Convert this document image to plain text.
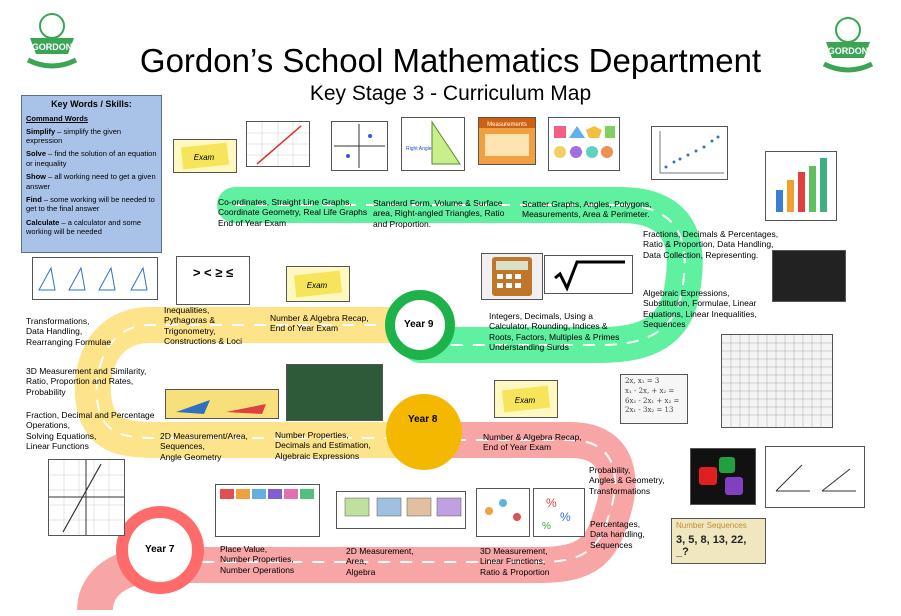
GORDON	GORDON
Gordon’s School Mathematics Department
Key Stage 3 - Curriculum Map
Key Words / Skills:
Command Words

Simplify – simplify the given expression

Solve – find the solution of an equation or inequality

Show – all working need to get a given answer

Find – some working will be needed to get to the final answer

Calculate – a calculator and some working will be needed

Year 9
Year 8
Year 7	Place Value,
Number Properties,
Number Operations
2D Measurement,
Area,
Algebra
3D Measurement,
Linear Functions,
Ratio & Proportion
Percentages,
Data handling,
Sequences
Probability,
Angles & Geometry,
Transformations
Number & Algebra Recap,
End of Year Exam
Number Properties,
Decimals and Estimation,
Algebraic Expressions
2D Measurement/Area,
Sequences,
Angle Geometry
Fraction, Decimal and Percentage
Operations,
Solving Equations,
Linear Functions
3D Measurement and Similarity,
Ratio, Proportion and Rates,
Probability
Transformations,
Data Handling,
Rearranging Formulae
Inequalities,
Pythagoras &
Trigonometry,
Constructions & Loci
Number & Algebra Recap,
End of Year Exam
Integers, Decimals, Using a
Calculator, Rounding, Indices &
Roots, Factors, Multiples & Primes
Understanding Surds
Algebraic Expressions,
Substitution, Formulae, Linear
Equations, Linear Inequalities,
Sequences
Fractions, Decimals & Percentages,
Ratio & Proportion, Data Handling,
Data Collection, Representing.
Scatter Graphs, Angles, Polygons,
Measurements, Area & Perimeter.
Standard Form, Volume & Surface
area, Right-angled Triangles, Ratio
and Proportion.
Co-ordinates, Straight Line Graphs,
Coordinate Geometry, Real Life Graphs
End of Year Exam
Exam
Right Angle
Measurements
> < ≥ ≤
Exam
Exam
2x, x₁ = 3
x₁ - 2x, + x₂ =
6x₂ - 2x₁ + x₂ =
2x₁ - 3x₂ = 13
Number Sequences
3, 5, 8, 13, 22, _?
%
%
%
